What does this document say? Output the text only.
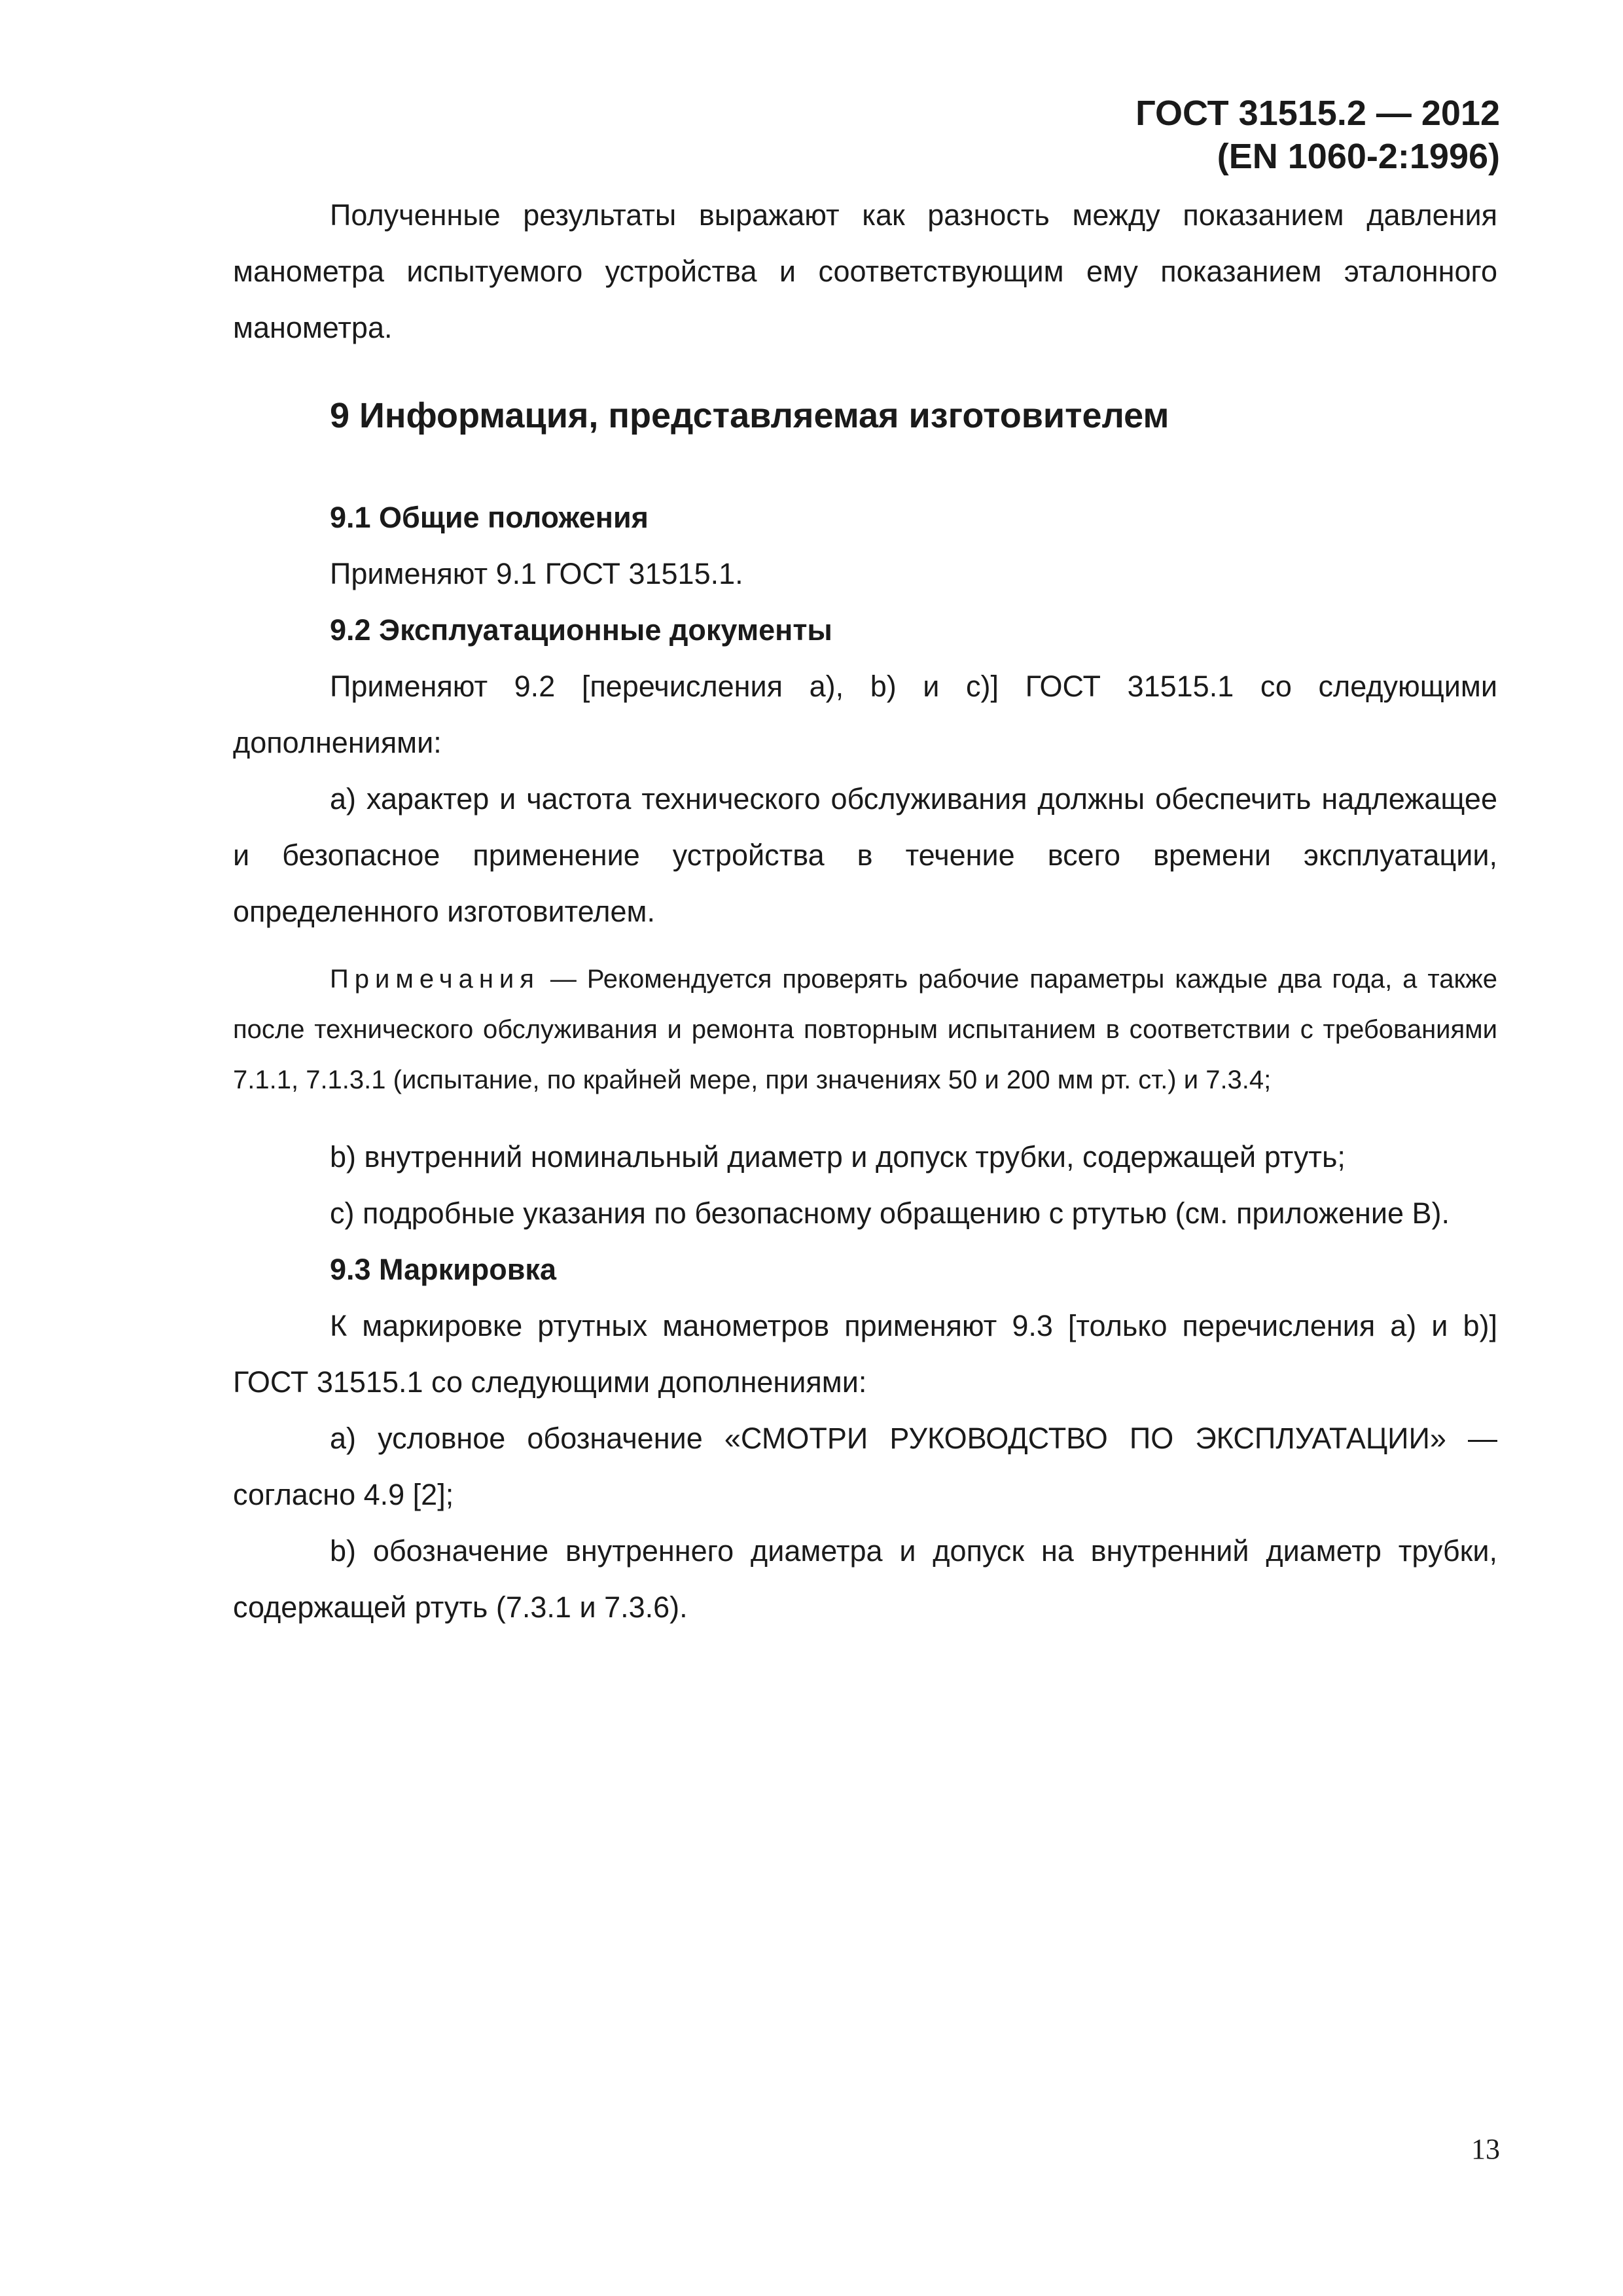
ГОСТ 31515.2 — 2012
(EN 1060-2:1996)

Полученные результаты выражают как разность между показанием давления манометра испытуемого устройства и соответствующим ему показанием эталонного манометра.

9 Информация, представляемая изготовителем
9.1 Общие положения

Применяют 9.1 ГОСТ 31515.1.

9.2 Эксплуатационные документы

Применяют 9.2 [перечисления а), b) и с)] ГОСТ 31515.1 со следующими дополнениями:

a) характер и частота технического обслуживания должны обеспечить надлежащее и безопасное применение устройства в течение всего времени эксплуатации, определенного изготовителем.

Примечания — Рекомендуется проверять рабочие параметры каждые два года, а также после технического обслуживания и ремонта повторным испытанием в соответствии с требованиями 7.1.1, 7.1.3.1 (испытание, по крайней мере, при значениях 50 и 200 мм рт. ст.) и 7.3.4;

b) внутренний номинальный диаметр и допуск трубки, содержащей ртуть;

c) подробные указания по безопасному обращению с ртутью (см. приложение В).

9.3 Маркировка

К маркировке ртутных манометров применяют 9.3 [только перечисления а) и b)] ГОСТ 31515.1 со следующими дополнениями:

а) условное обозначение «СМОТРИ РУКОВОДСТВО ПО ЭКСПЛУАТАЦИИ» — согласно 4.9 [2];

b) обозначение внутреннего диаметра и допуск на внутренний диаметр трубки, содержащей ртуть (7.3.1 и 7.3.6).

13
